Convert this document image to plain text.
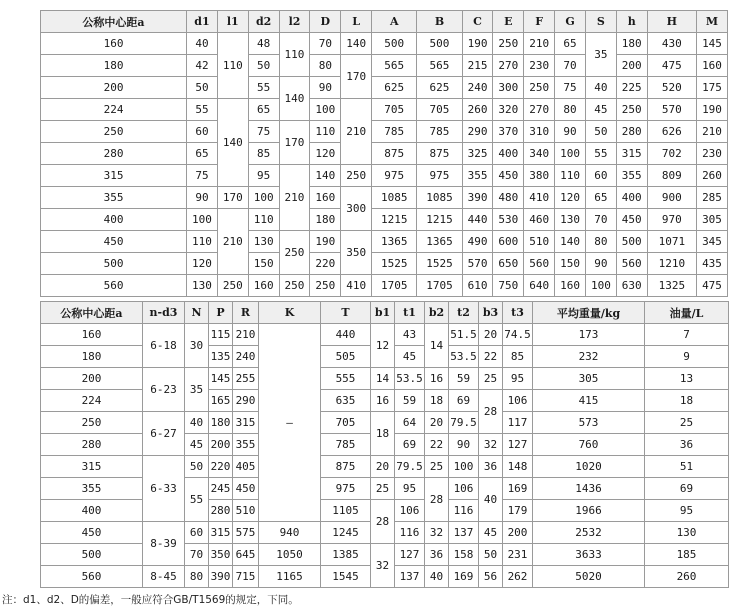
公称中心距a	d1	l1	d2	l2	D	L	A	B	C	E	F	G	S	h	H	M
160	40	110	48	110	70	140	500	500	190	250	210	65	35	180	430	145
180	42		50		80	170	565	565	215	270	230	70		200	475	160
200	50		55	140	90		625	625	240	300	250	75	40	225	520	175
224	55	140	65		100	210	705	705	260	320	270	80	45	250	570	190
250	60		75	170	110		785	785	290	370	310	90	50	280	626	210
280	65		85		120		875	875	325	400	340	100	55	315	702	230
315	75		95	210	140	250	975	975	355	450	380	110	60	355	809	260
355	90	170	100		160	300	1085	1085	390	480	410	120	65	400	900	285
400	100	210	110		180		1215	1215	440	530	460	130	70	450	970	305
450	110		130	250	190	350	1365	1365	490	600	510	140	80	500	1071	345
500	120		150		220		1525	1525	570	650	560	150	90	560	1210	435
560	130	250	160	250	250	410	1705	1705	610	750	640	160	100	630	1325	475
公称中心距a	n-d3	N	P	R	K	T	b1	t1	b2	t2	b3	t3	平均重量/kg	油量/L
160	6-18	30	115	210	—	440	12	43	14	51.5	20	74.5	173	7
180			135	240		505		45		53.5	22	85	232	9
200	6-23	35	145	255		555	14	53.5	16	59	25	95	305	13
224			165	290		635	16	59	18	69	28	106	415	18
250	6-27	40	180	315		705	18	64	20	79.5		117	573	25
280		45	200	355		785		69	22	90	32	127	760	36
315	6-33	50	220	405		875	20	79.5	25	100	36	148	1020	51
355		55	245	450		975	25	95	28	106	40	169	1436	69
400			280	510		1105	28	106		116		179	1966	95
450	8-39	60	315	575	940	1245		116	32	137	45	200	2532	130
500		70	350	645	1050	1385	32	127	36	158	50	231	3633	185
560	8-45	80	390	715	1165	1545		137	40	169	56	262	5020	260
注：d1、d2、D的偏差，一般应符合GB/T1569的规定，下同。
